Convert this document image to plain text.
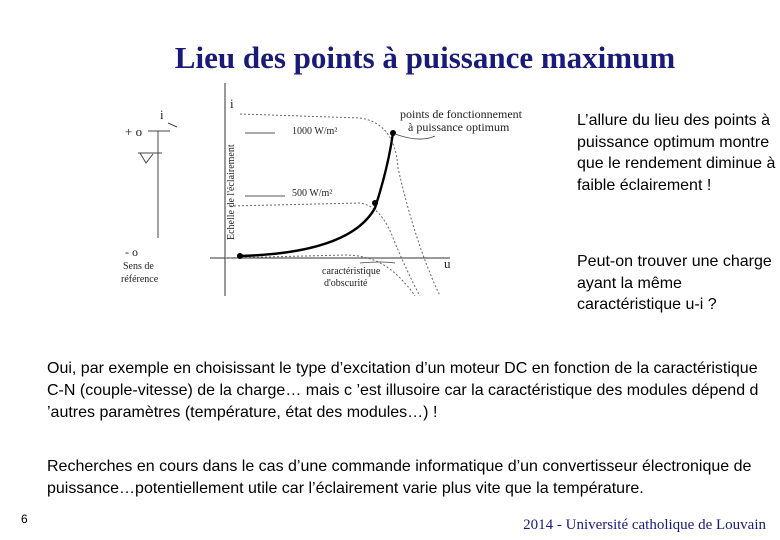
Lieu des points à puissance maximum
+ o
i
- o
Sens de
référence
i
u
Echelle de l'éclairement
1000 W/m²
500 W/m²
points de fonctionnement
à puissance optimum
caractéristique
d'obscurité
L’allure du lieu des points à puissance optimum montre que le rendement diminue à faible éclairement !
Peut-on trouver une charge ayant la même caractéristique u-i ?
Oui, par exemple en choisissant le type d’excitation d’un moteur DC en fonction de la caractéristique C-N (couple-vitesse) de la charge… mais c ’est illusoire car la caractéristique des modules dépend d ’autres paramètres (température, état des modules…) !
Recherches en cours dans le cas d’une commande informatique d’un convertisseur électronique de puissance…potentiellement utile car l’éclairement varie plus vite que la température.
6	2014 - Université catholique de Louvain
